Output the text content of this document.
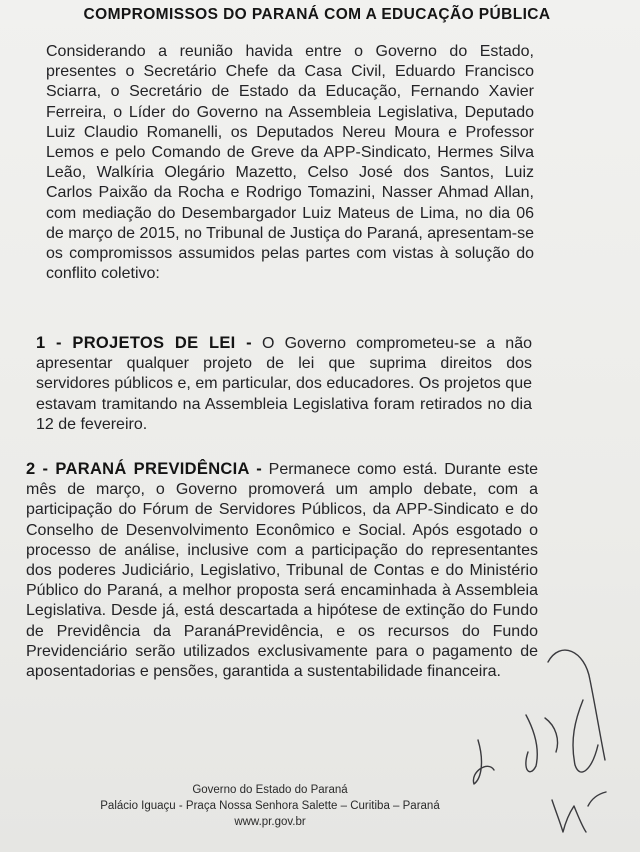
COMPROMISSOS DO PARANÁ COM A EDUCAÇÃO PÚBLICA

Considerando a reunião havida entre o Governo do Estado, presentes o Secretário Chefe da Casa Civil, Eduardo Francisco Sciarra, o Secretário de Estado da Educação, Fernando Xavier Ferreira, o Líder do Governo na Assembleia Legislativa, Deputado Luiz Claudio Romanelli, os Deputados Nereu Moura e Professor Lemos e pelo Comando de Greve da APP-Sindicato, Hermes Silva Leão, Walkíria Olegário Mazetto, Celso José dos Santos, Luiz Carlos Paixão da Rocha e Rodrigo Tomazini, Nasser Ahmad Allan, com mediação do Desembargador Luiz Mateus de Lima, no dia 06 de março de 2015, no Tribunal de Justiça do Paraná, apresentam-se os compromissos assumidos pelas partes com vistas à solução do conflito coletivo:

1 - PROJETOS DE LEI - O Governo comprometeu-se a não apresentar qualquer projeto de lei que suprima direitos dos servidores públicos e, em particular, dos educadores. Os projetos que estavam tramitando na Assembleia Legislativa foram retirados no dia 12 de fevereiro.

2 - PARANÁ PREVIDÊNCIA - Permanece como está. Durante este mês de março, o Governo promoverá um amplo debate, com a participação do Fórum de Servidores Públicos, da APP-Sindicato e do Conselho de Desenvolvimento Econômico e Social. Após esgotado o processo de análise, inclusive com a participação do representantes dos poderes Judiciário, Legislativo, Tribunal de Contas e do Ministério Público do Paraná, a melhor proposta será encaminhada à Assembleia Legislativa. Desde já, está descartada a hipótese de extinção do Fundo de Previdência da ParanáPrevidência, e os recursos do Fundo Previdenciário serão utilizados exclusivamente para o pagamento de aposentadorias e pensões, garantida a sustentabilidade financeira.

Governo do Estado do Paraná
Palácio Iguaçu - Praça Nossa Senhora Salette – Curitiba – Paraná
www.pr.gov.br
